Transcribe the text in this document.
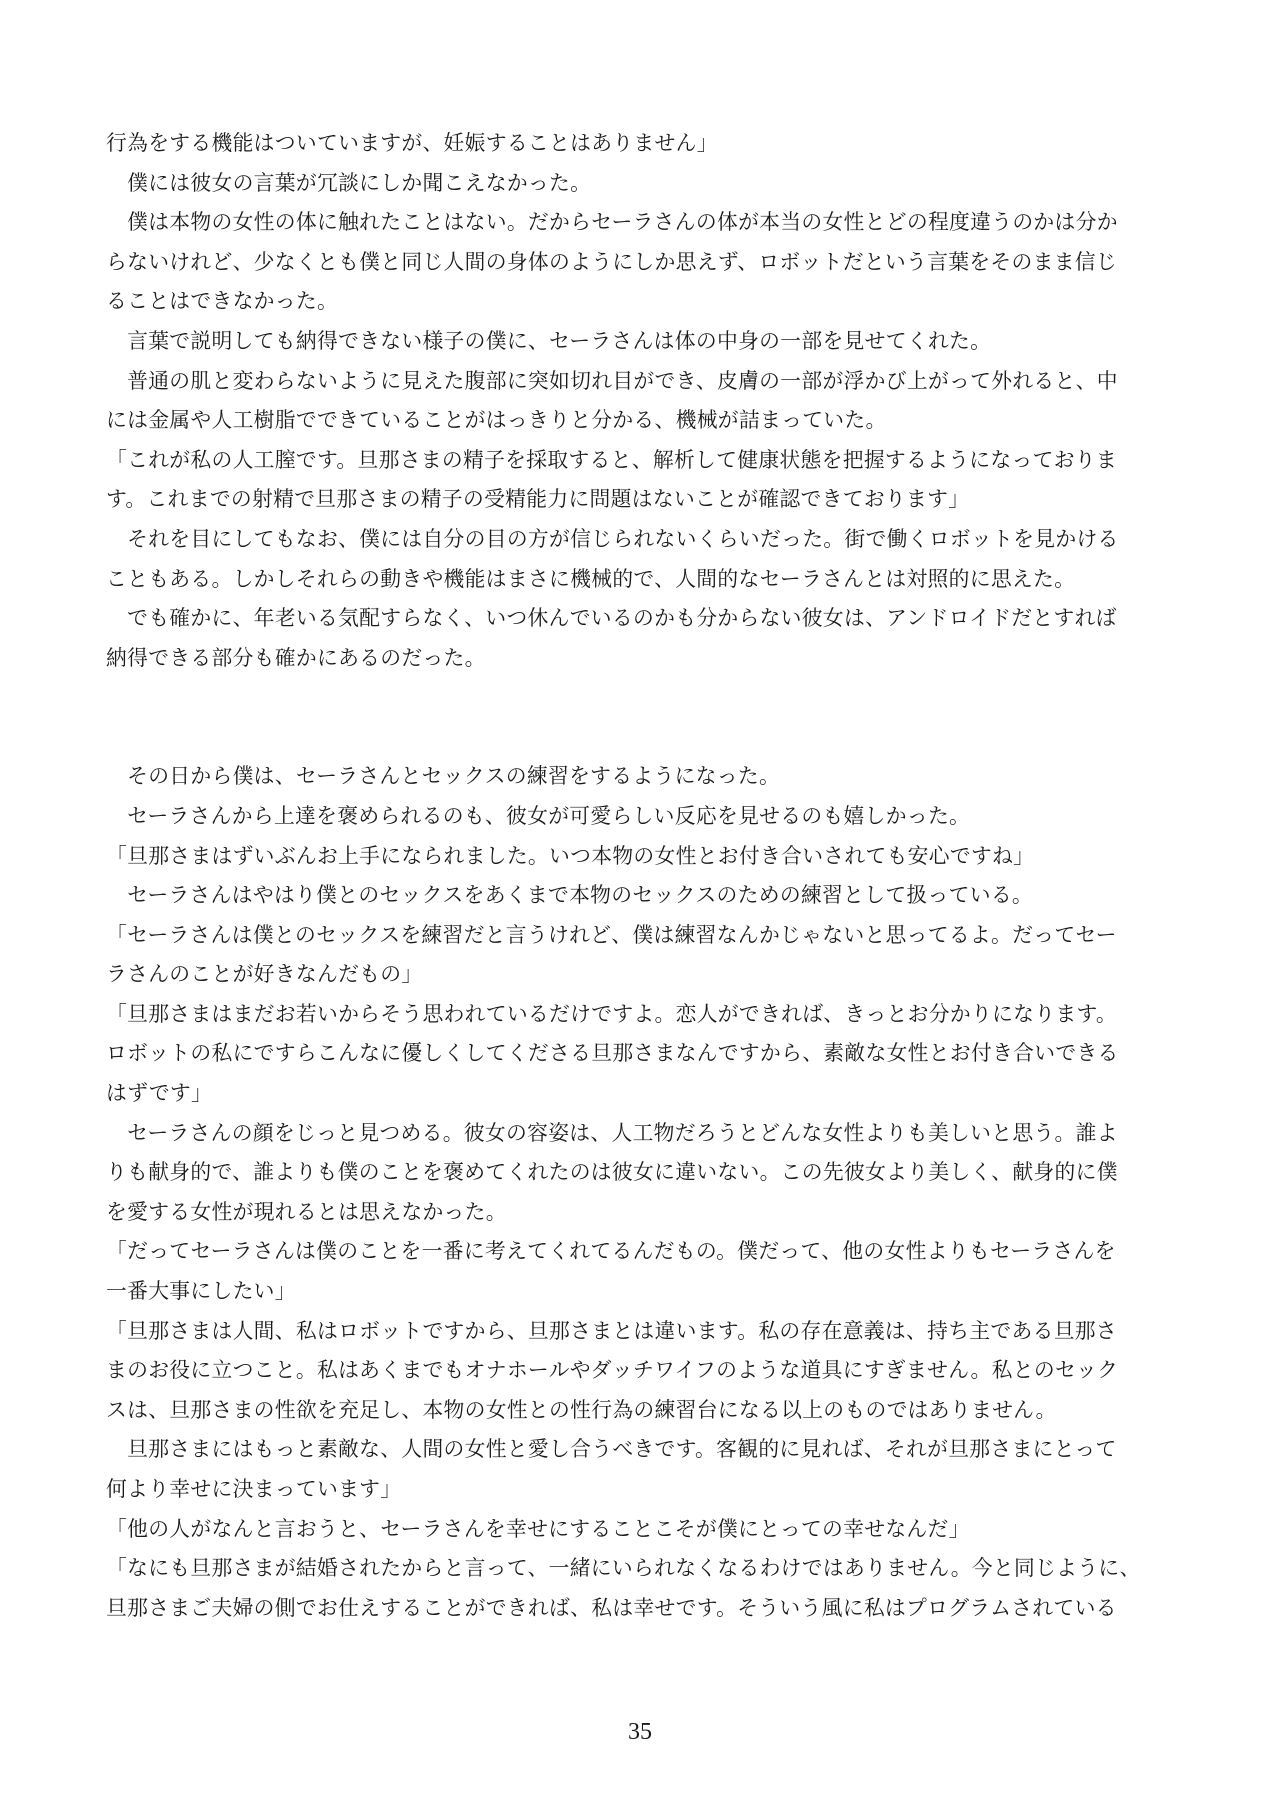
行為をする機能はついていますが、妊娠することはありません」
　僕には彼女の言葉が冗談にしか聞こえなかった。
　僕は本物の女性の体に触れたことはない。だからセーラさんの体が本当の女性とどの程度違うのかは分か
らないけれど、少なくとも僕と同じ人間の身体のようにしか思えず、ロボットだという言葉をそのまま信じ
ることはできなかった。
　言葉で説明しても納得できない様子の僕に、セーラさんは体の中身の一部を見せてくれた。
　普通の肌と変わらないように見えた腹部に突如切れ目ができ、皮膚の一部が浮かび上がって外れると、中
には金属や人工樹脂でできていることがはっきりと分かる、機械が詰まっていた。
「これが私の人工膣です。旦那さまの精子を採取すると、解析して健康状態を把握するようになっておりま
す。これまでの射精で旦那さまの精子の受精能力に問題はないことが確認できております」
　それを目にしてもなお、僕には自分の目の方が信じられないくらいだった。街で働くロボットを見かける
こともある。しかしそれらの動きや機能はまさに機械的で、人間的なセーラさんとは対照的に思えた。
　でも確かに、年老いる気配すらなく、いつ休んでいるのかも分からない彼女は、アンドロイドだとすれば
納得できる部分も確かにあるのだった。
　その日から僕は、セーラさんとセックスの練習をするようになった。
　セーラさんから上達を褒められるのも、彼女が可愛らしい反応を見せるのも嬉しかった。
「旦那さまはずいぶんお上手になられました。いつ本物の女性とお付き合いされても安心ですね」
　セーラさんはやはり僕とのセックスをあくまで本物のセックスのための練習として扱っている。
「セーラさんは僕とのセックスを練習だと言うけれど、僕は練習なんかじゃないと思ってるよ。だってセー
ラさんのことが好きなんだもの」
「旦那さまはまだお若いからそう思われているだけですよ。恋人ができれば、きっとお分かりになります。
ロボットの私にですらこんなに優しくしてくださる旦那さまなんですから、素敵な女性とお付き合いできる
はずです」
　セーラさんの顔をじっと見つめる。彼女の容姿は、人工物だろうとどんな女性よりも美しいと思う。誰よ
りも献身的で、誰よりも僕のことを褒めてくれたのは彼女に違いない。この先彼女より美しく、献身的に僕
を愛する女性が現れるとは思えなかった。
「だってセーラさんは僕のことを一番に考えてくれてるんだもの。僕だって、他の女性よりもセーラさんを
一番大事にしたい」
「旦那さまは人間、私はロボットですから、旦那さまとは違います。私の存在意義は、持ち主である旦那さ
まのお役に立つこと。私はあくまでもオナホールやダッチワイフのような道具にすぎません。私とのセック
スは、旦那さまの性欲を充足し、本物の女性との性行為の練習台になる以上のものではありません。
　旦那さまにはもっと素敵な、人間の女性と愛し合うべきです。客観的に見れば、それが旦那さまにとって
何より幸せに決まっています」
「他の人がなんと言おうと、セーラさんを幸せにすることこそが僕にとっての幸せなんだ」
「なにも旦那さまが結婚されたからと言って、一緒にいられなくなるわけではありません。今と同じように、
旦那さまご夫婦の側でお仕えすることができれば、私は幸せです。そういう風に私はプログラムされている
35
